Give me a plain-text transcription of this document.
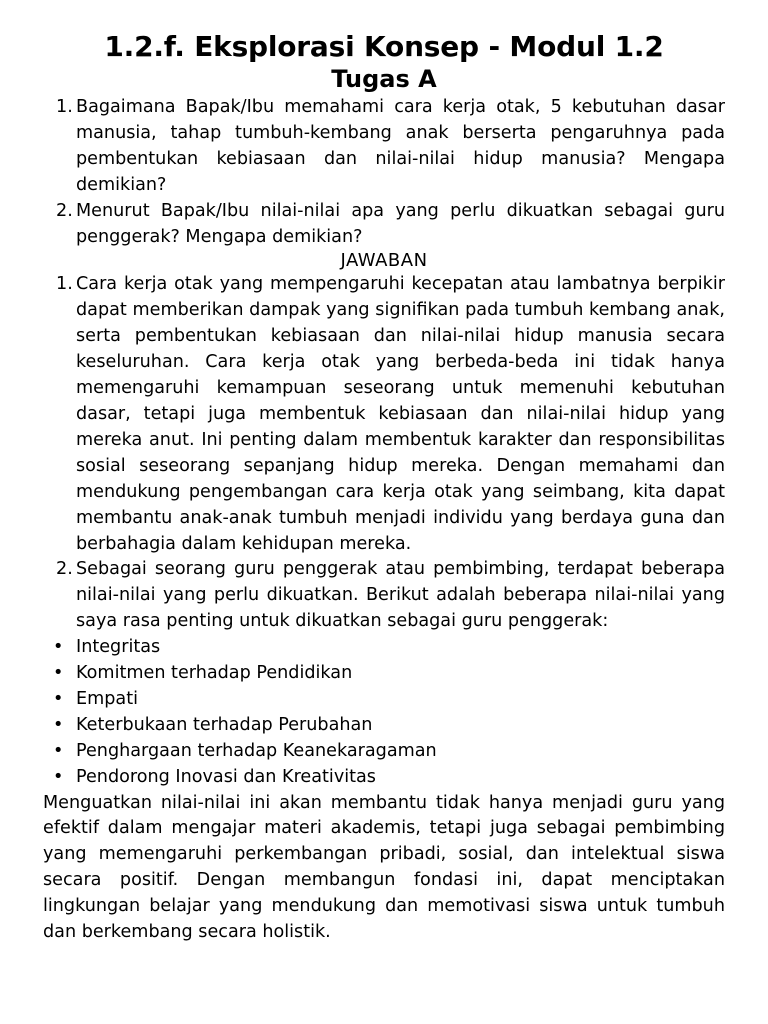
1.2.f. Eksplorasi Konsep - Modul 1.2
Tugas A
1. Bagaimana Bapak/Ibu memahami cara kerja otak, 5 kebutuhan dasar manusia, tahap tumbuh-kembang anak berserta pengaruhnya pada pembentukan kebiasaan dan nilai-nilai hidup manusia? Mengapa demikian?
2. Menurut Bapak/Ibu nilai-nilai apa yang perlu dikuatkan sebagai guru penggerak? Mengapa demikian?
JAWABAN
1. Cara kerja otak yang mempengaruhi kecepatan atau lambatnya berpikir dapat memberikan dampak yang signifikan pada tumbuh kembang anak, serta pembentukan kebiasaan dan nilai-nilai hidup manusia secara keseluruhan. Cara kerja otak yang berbeda-beda ini tidak hanya memengaruhi kemampuan seseorang untuk memenuhi kebutuhan dasar, tetapi juga membentuk kebiasaan dan nilai-nilai hidup yang mereka anut. Ini penting dalam membentuk karakter dan responsibilitas sosial seseorang sepanjang hidup mereka. Dengan memahami dan mendukung pengembangan cara kerja otak yang seimbang, kita dapat membantu anak-anak tumbuh menjadi individu yang berdaya guna dan berbahagia dalam kehidupan mereka.
2. Sebagai seorang guru penggerak atau pembimbing, terdapat beberapa nilai-nilai yang perlu dikuatkan. Berikut adalah beberapa nilai-nilai yang saya rasa penting untuk dikuatkan sebagai guru penggerak:
• Integritas
• Komitmen terhadap Pendidikan
• Empati
• Keterbukaan terhadap Perubahan
• Penghargaan terhadap Keanekaragaman
• Pendorong Inovasi dan Kreativitas

Menguatkan nilai-nilai ini akan membantu tidak hanya menjadi guru yang efektif dalam mengajar materi akademis, tetapi juga sebagai pembimbing yang memengaruhi perkembangan pribadi, sosial, dan intelektual siswa secara positif. Dengan membangun fondasi ini, dapat menciptakan lingkungan belajar yang mendukung dan memotivasi siswa untuk tumbuh dan berkembang secara holistik.
